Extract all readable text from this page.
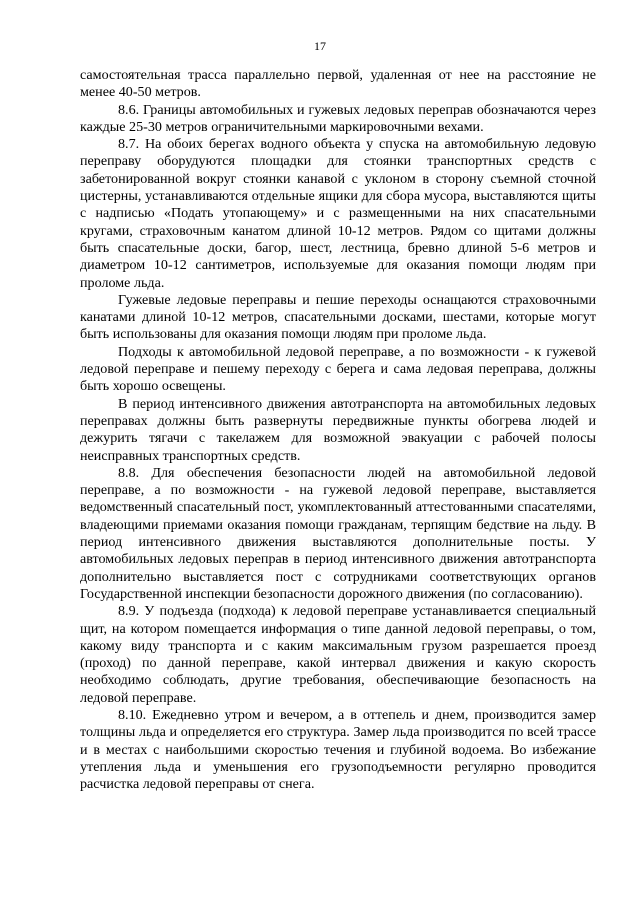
17

самостоятельная трасса параллельно первой, удаленная от нее на расстояние не менее 40-50 метров.

8.6. Границы автомобильных и гужевых ледовых переправ обозначаются через каждые 25-30 метров ограничительными маркировочными вехами.

8.7. На обоих берегах водного объекта у спуска на автомобильную ледовую переправу оборудуются площадки для стоянки транспортных средств с забетонированной вокруг стоянки канавой с уклоном в сторону съемной сточной цистерны, устанавливаются отдельные ящики для сбора мусора, выставляются щиты с надписью «Подать утопающему» и с размещенными на них спасательными кругами, страховочным канатом длиной 10-12 метров. Рядом со щитами должны быть спасательные доски, багор, шест, лестница, бревно длиной 5-6 метров и диаметром 10-12 сантиметров, используемые для оказания помощи людям при проломе льда.

Гужевые ледовые переправы и пешие переходы оснащаются страховочными канатами длиной 10-12 метров, спасательными досками, шестами, которые могут быть использованы для оказания помощи людям при проломе льда.

Подходы к автомобильной ледовой переправе, а по возможности - к гужевой ледовой переправе и пешему переходу с берега и сама ледовая переправа, должны быть хорошо освещены.

В период интенсивного движения автотранспорта на автомобильных ледовых переправах должны быть развернуты передвижные пункты обогрева людей и дежурить тягачи с такелажем для возможной эвакуации с рабочей полосы неисправных транспортных средств.

8.8. Для обеспечения безопасности людей на автомобильной ледовой переправе, а по возможности - на гужевой ледовой переправе, выставляется ведомственный спасательный пост, укомплектованный аттестованными спасателями, владеющими приемами оказания помощи гражданам, терпящим бедствие на льду. В период интенсивного движения выставляются дополнительные посты. У автомобильных ледовых переправ в период интенсивного движения автотранспорта дополнительно выставляется пост с сотрудниками соответствующих органов Государственной инспекции безопасности дорожного движения (по согласованию).

8.9. У подъезда (подхода) к ледовой переправе устанавливается специальный щит, на котором помещается информация о типе данной ледовой переправы, о том, какому виду транспорта и с каким максимальным грузом разрешается проезд (проход) по данной переправе, какой интервал движения и какую скорость необходимо соблюдать, другие требования, обеспечивающие безопасность на ледовой переправе.

8.10. Ежедневно утром и вечером, а в оттепель и днем, производится замер толщины льда и определяется его структура. Замер льда производится по всей трассе и в местах с наибольшими скоростью течения и глубиной водоема. Во избежание утепления льда и уменьшения его грузоподъемности регулярно проводится расчистка ледовой переправы от снега.
